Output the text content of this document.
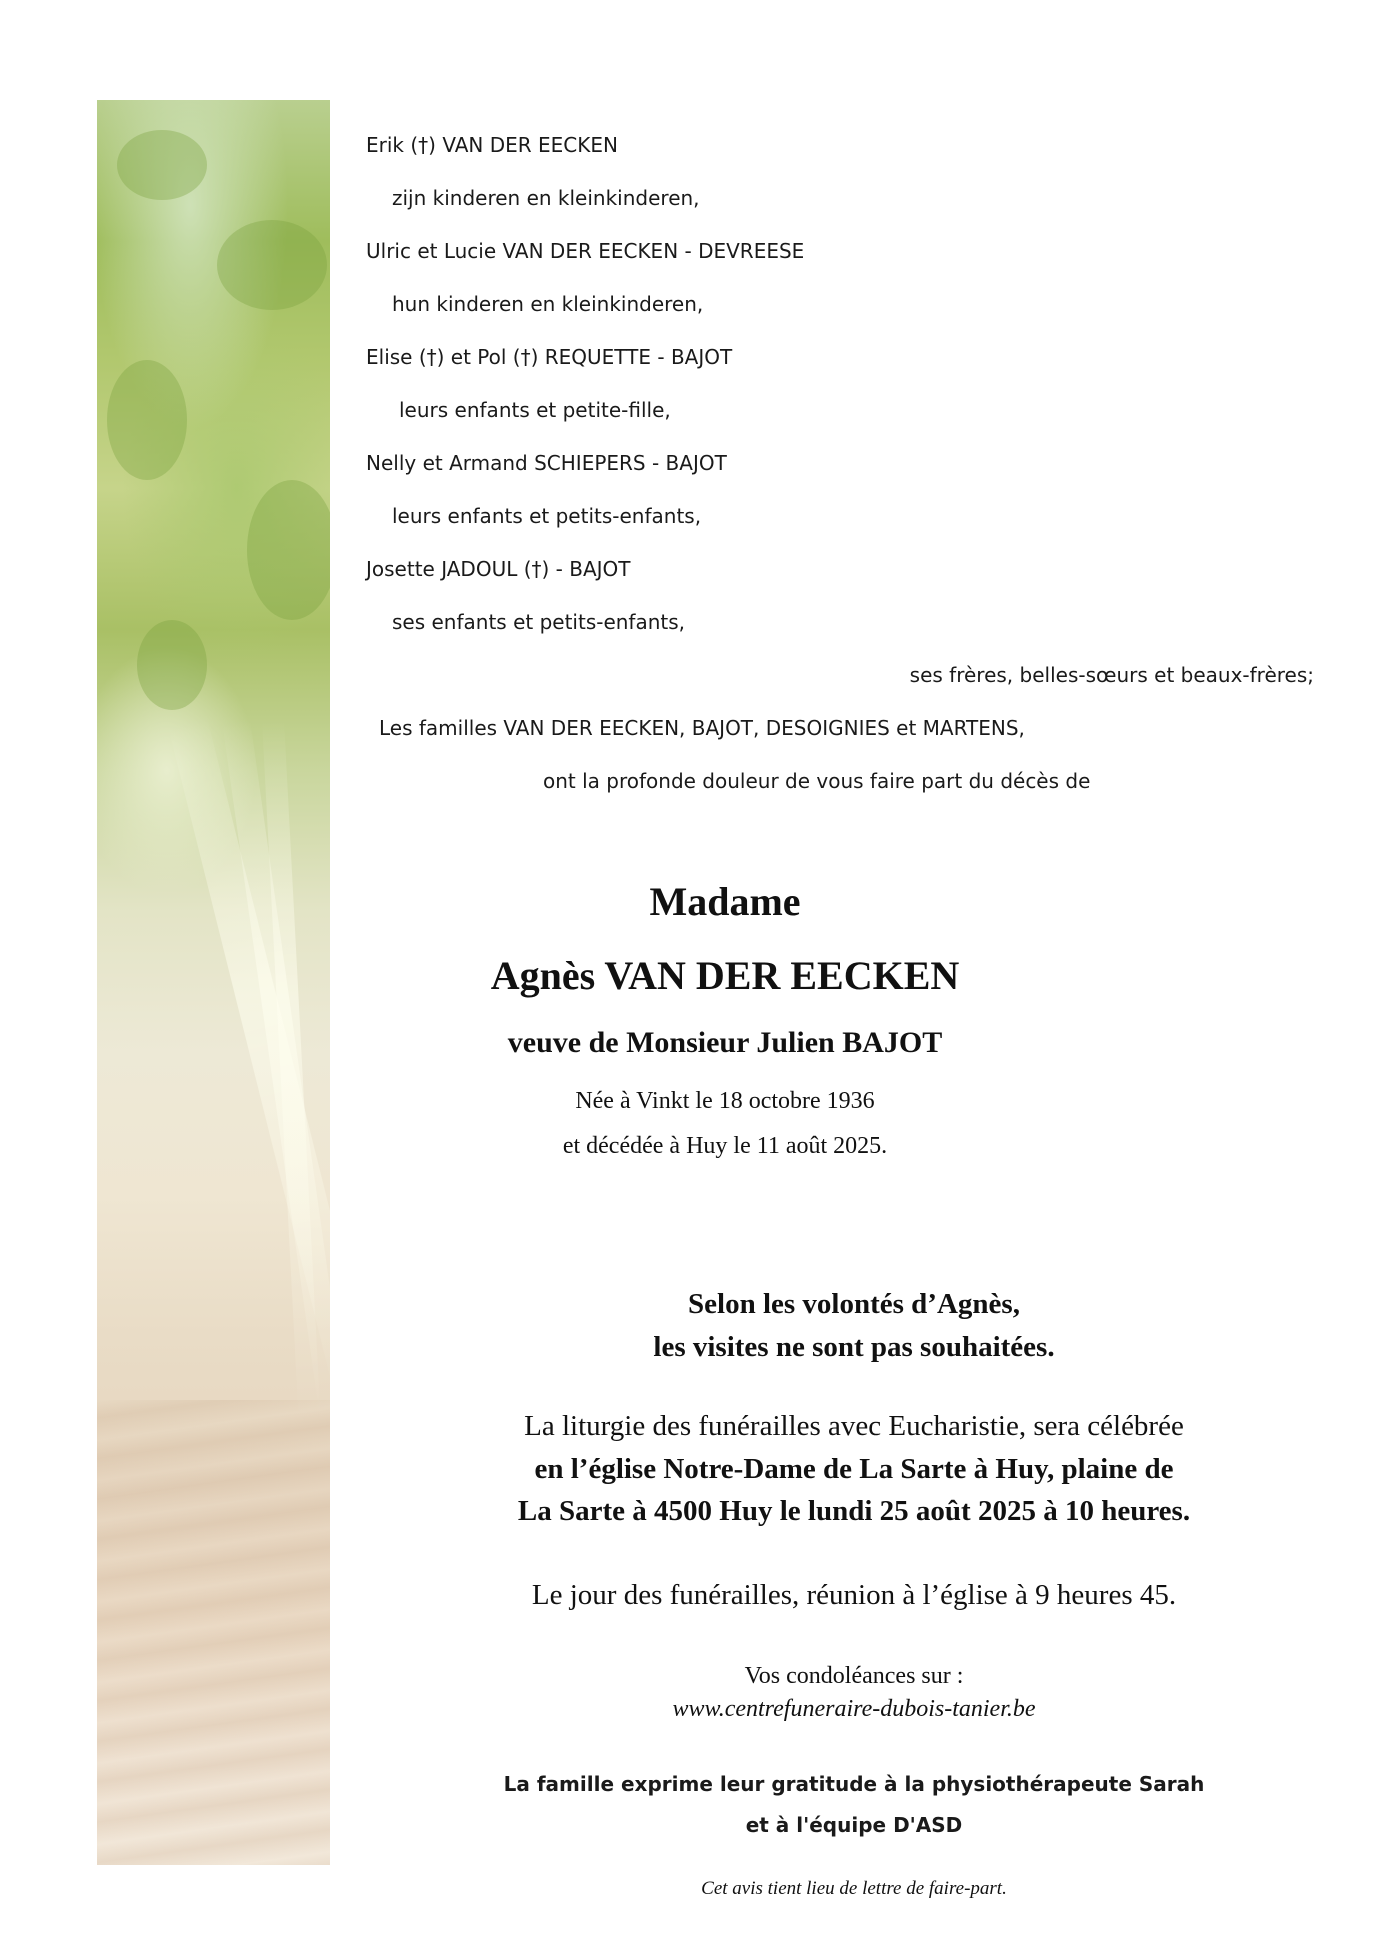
Erik (†) VAN DER EECKEN

zijn kinderen en kleinkinderen,

Ulric et Lucie VAN DER EECKEN - DEVREESE

hun kinderen en kleinkinderen,

Elise (†) et Pol (†) REQUETTE - BAJOT

leurs enfants et petite-fille,

Nelly et Armand SCHIEPERS - BAJOT

leurs enfants et petits-enfants,

Josette JADOUL (†) - BAJOT

ses enfants et petits-enfants,

ses frères, belles-sœurs et beaux-frères;

Les familles VAN DER EECKEN, BAJOT, DESOIGNIES et MARTENS,

ont la profonde douleur de vous faire part du décès de

Madame

Agnès VAN DER EECKEN

veuve de Monsieur Julien BAJOT

Née à Vinkt le 18 octobre 1936

et décédée à Huy le 11 août 2025.

Selon les volontés d’Agnès,

les visites ne sont pas souhaitées.

La liturgie des funérailles avec Eucharistie, sera célébrée

en l’église Notre-Dame de La Sarte à Huy, plaine de

La Sarte à 4500 Huy le lundi 25 août 2025 à 10 heures.

Le jour des funérailles, réunion à l’église à 9 heures 45.

Vos condoléances sur :

www.centrefuneraire-dubois-tanier.be

La famille exprime leur gratitude à la physiothérapeute Sarah

et à l'équipe D'ASD

Cet avis tient lieu de lettre de faire-part.
